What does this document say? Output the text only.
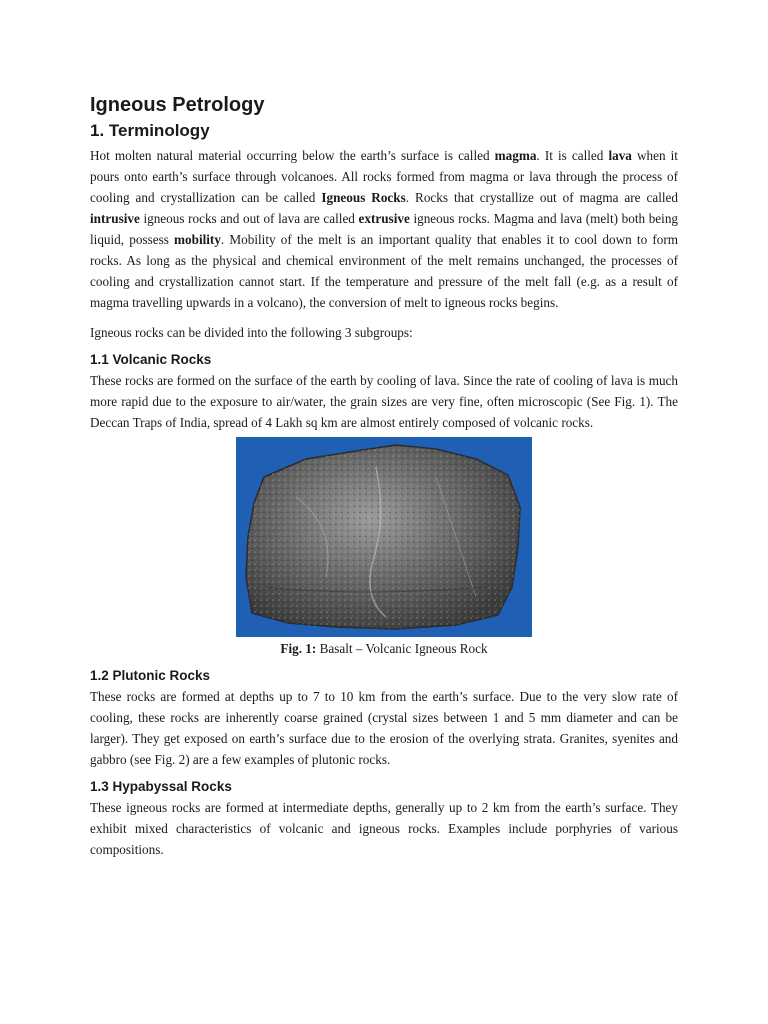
Igneous Petrology
1. Terminology

Hot molten natural material occurring below the earth’s surface is called magma. It is called lava when it pours onto earth’s surface through volcanoes. All rocks formed from magma or lava through the process of cooling and crystallization can be called Igneous Rocks. Rocks that crystallize out of magma are called intrusive igneous rocks and out of lava are called extrusive igneous rocks. Magma and lava (melt) both being liquid, possess mobility. Mobility of the melt is an important quality that enables it to cool down to form rocks. As long as the physical and chemical environment of the melt remains unchanged, the processes of cooling and crystallization cannot start. If the temperature and pressure of the melt fall (e.g. as a result of magma travelling upwards in a volcano), the conversion of melt to igneous rocks begins.

Igneous rocks can be divided into the following 3 subgroups:

1.1 Volcanic Rocks

These rocks are formed on the surface of the earth by cooling of lava. Since the rate of cooling of lava is much more rapid due to the exposure to air/water, the grain sizes are very fine, often microscopic (See Fig. 1). The Deccan Traps of India, spread of 4 Lakh sq km are almost entirely composed of volcanic rocks.

Fig. 1: Basalt – Volcanic Igneous Rock

1.2 Plutonic Rocks

These rocks are formed at depths up to 7 to 10 km from the earth’s surface. Due to the very slow rate of cooling, these rocks are inherently coarse grained (crystal sizes between 1 and 5 mm diameter and can be larger). They get exposed on earth’s surface due to the erosion of the overlying strata. Granites, syenites and gabbro (see Fig. 2) are a few examples of plutonic rocks.

1.3 Hypabyssal Rocks

These igneous rocks are formed at intermediate depths, generally up to 2 km from the earth’s surface. They exhibit mixed characteristics of volcanic and igneous rocks. Examples include porphyries of various compositions.
